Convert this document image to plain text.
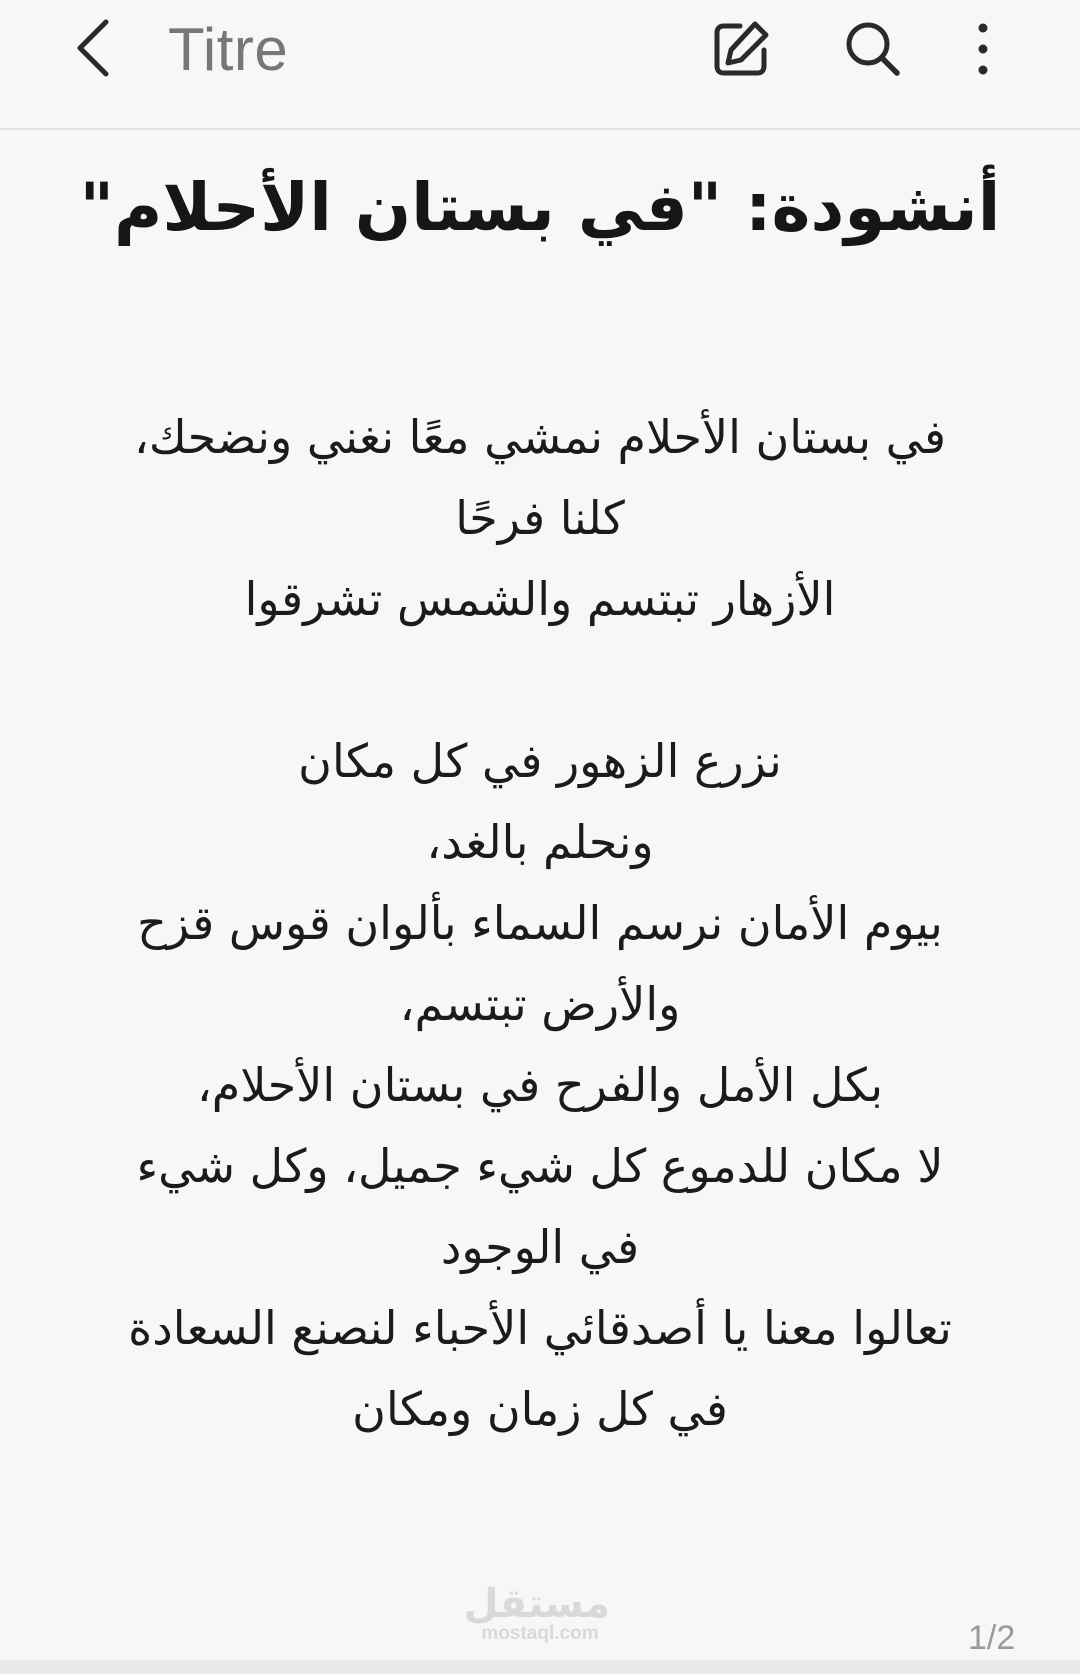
Titre
أنشودة: "في بستان الأحلام"
في بستان الأحلام نمشي معًا نغني ونضحك،
كلنا فرحًا
الأزهار تبتسم والشمس تشرقوا
نزرع الزهور في كل مكان
ونحلم بالغد،
بيوم الأمان نرسم السماء بألوان قوس قزح
والأرض تبتسم،
بكل الأمل والفرح في بستان الأحلام،
لا مكان للدموع كل شيء جميل، وكل شيء
في الوجود
تعالوا معنا يا أصدقائي الأحباء لنصنع السعادة
في كل زمان ومكان
مستقل
mostaql.com	1/2
